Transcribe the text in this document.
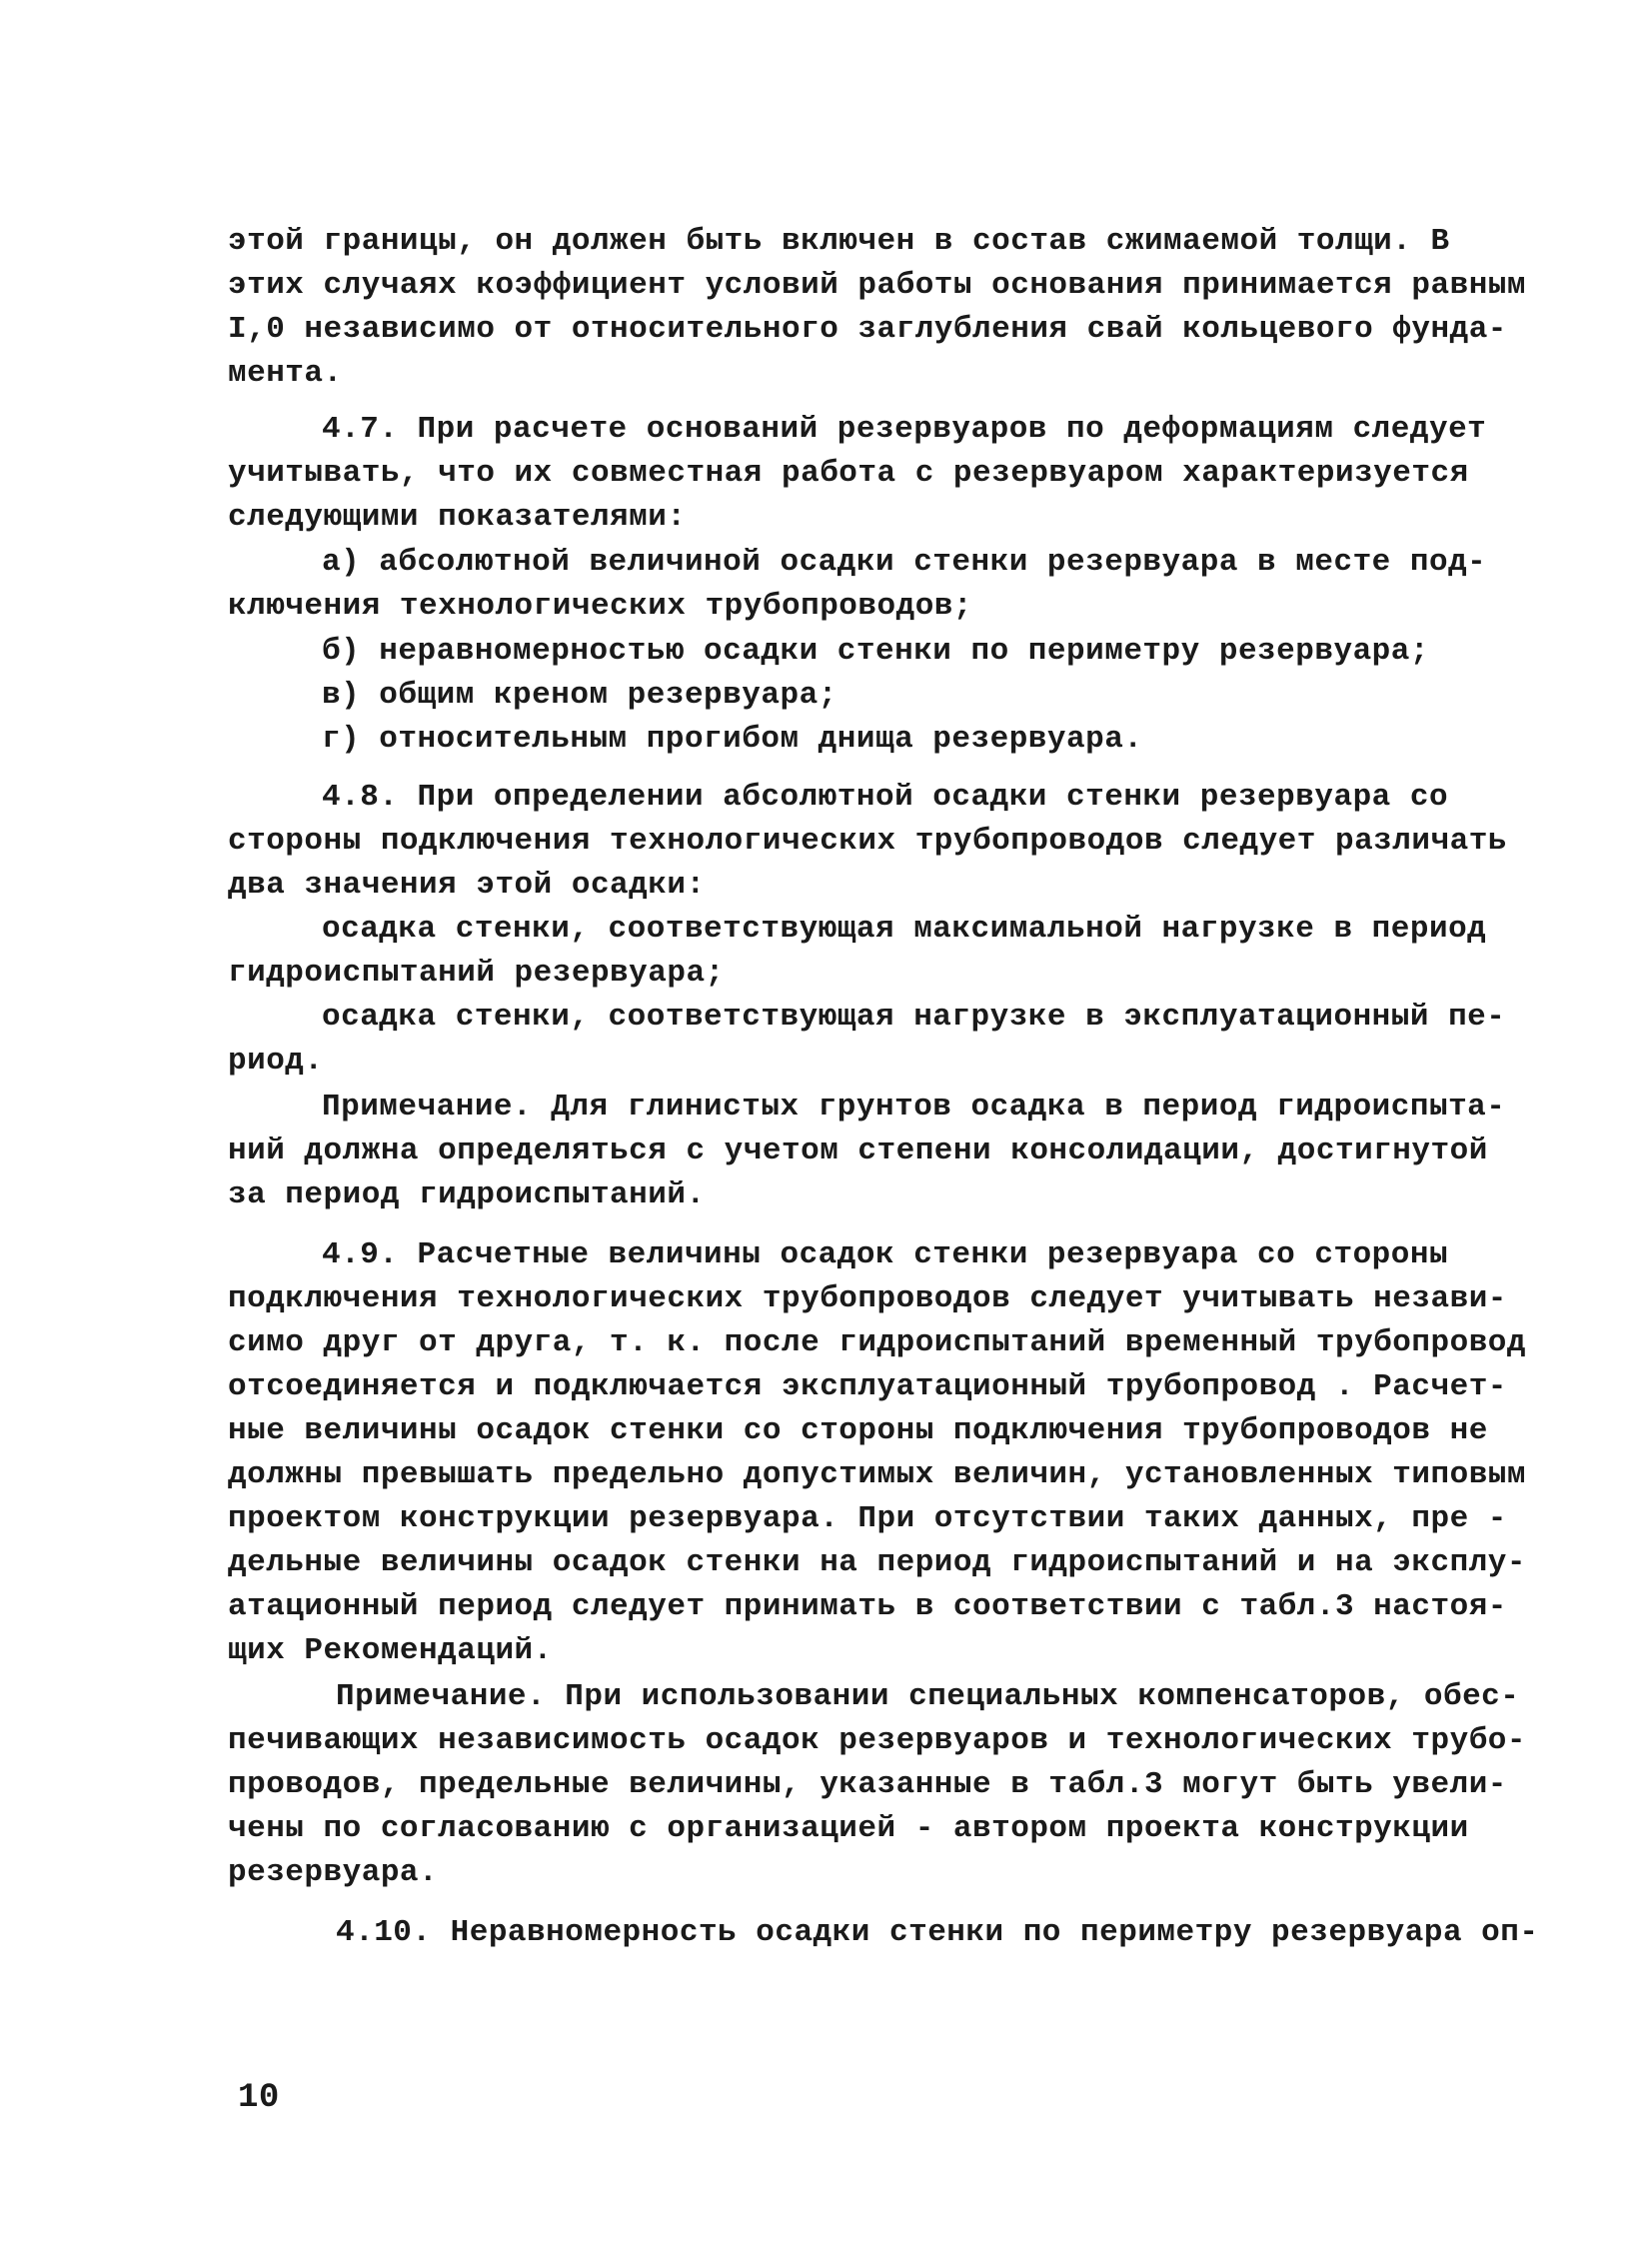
этой границы, он должен быть включен в состав сжимаемой толщи. В
этих случаях коэффициент условий работы основания принимается равным
I,0 независимо от относительного заглубления свай кольцевого фунда-
мента.
4.7. При расчете оснований резервуаров по деформациям следует
учитывать, что их совместная работа с резервуаром характеризуется
следующими показателями:
а) абсолютной величиной осадки стенки резервуара в месте под-
ключения технологических трубопроводов;
б) неравномерностью осадки стенки по периметру резервуара;
в) общим креном резервуара;
г) относительным прогибом днища резервуара.
4.8. При определении абсолютной осадки стенки резервуара со
стороны подключения технологических трубопроводов следует различать
два значения этой осадки:
осадка стенки, соответствующая максимальной нагрузке в период
гидроиспытаний резервуара;
осадка стенки, соответствующая нагрузке в эксплуатационный пе-
риод.
Примечание. Для глинистых грунтов осадка в период гидроиспыта-
ний должна определяться с учетом степени консолидации, достигнутой
за период гидроиспытаний.
4.9. Расчетные величины осадок стенки резервуара со стороны
подключения технологических трубопроводов следует учитывать незави-
симо друг от друга, т. к. после гидроиспытаний временный трубопровод
отсоединяется и подключается эксплуатационный трубопровод . Расчет-
ные величины осадок стенки со стороны подключения трубопроводов не
должны превышать предельно допустимых величин, установленных типовым
проектом конструкции резервуара. При отсутствии таких данных, пре -
дельные величины осадок стенки на период гидроиспытаний и на эксплу-
атационный период следует принимать в соответствии с табл.3 настоя-
щих Рекомендаций.
Примечание. При использовании специальных компенсаторов, обес-
печивающих независимость осадок резервуаров и технологических трубо-
проводов, предельные величины, указанные в табл.3 могут быть увели-
чены по согласованию с организацией - автором проекта конструкции
резервуара.
4.10. Неравномерность осадки стенки по периметру резервуара оп-
10
